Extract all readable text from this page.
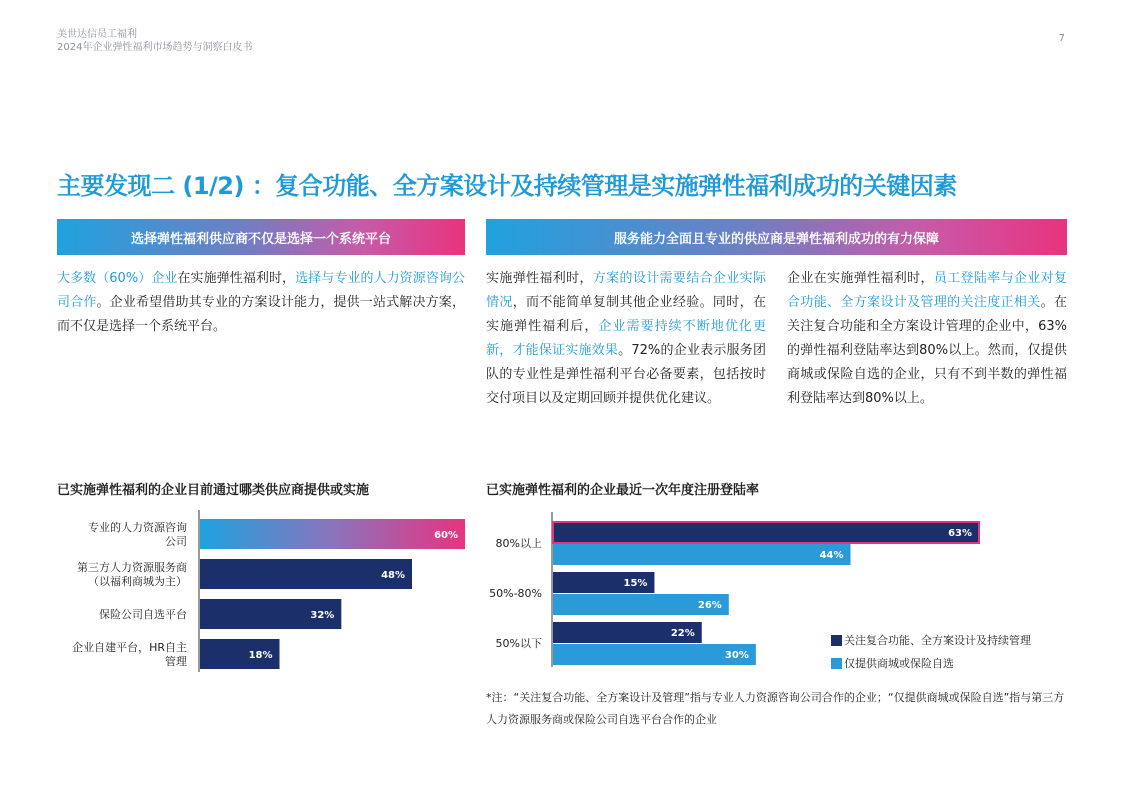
美世达信员工福利
2024年企业弹性福利市场趋势与洞察白皮书
7
主要发现二 (1/2) ：复合功能、全方案设计及持续管理是实施弹性福利成功的关键因素
选择弹性福利供应商不仅是选择一个系统平台	服务能力全面且专业的供应商是弹性福利成功的有力保障
大多数（60%）企业在实施弹性福利时，选择与专业的人力资源咨询公司合作。企业希望借助其专业的方案设计能力，提供一站式解决方案，而不仅是选择一个系统平台。
实施弹性福利时，方案的设计需要结合企业实际情况，而不能简单复制其他企业经验。同时，在实施弹性福利后，企业需要持续不断地优化更新，才能保证实施效果。72%的企业表示服务团队的专业性是弹性福利平台必备要素，包括按时交付项目以及定期回顾并提供优化建议。
企业在实施弹性福利时，员工登陆率与企业对复合功能、全方案设计及管理的关注度正相关。在关注复合功能和全方案设计管理的企业中，63%的弹性福利登陆率达到80%以上。然而，仅提供商城或保险自选的企业，只有不到半数的弹性福利登陆率达到80%以上。
已实施弹性福利的企业目前通过哪类供应商提供或实施	已实施弹性福利的企业最近一次年度注册登陆率
60%
专业的人力资源咨询
公司
48%
第三方人力资源服务商
（以福利商城为主）
32%
保险公司自选平台
18%
企业自建平台，HR自主
管理
63%
44%
80%以上
15%
26%
50%-80%
22%
30%
50%以下	关注复合功能、全方案设计及持续管理
仅提供商城或保险自选
*注：“关注复合功能、全方案设计及管理”指与专业人力资源咨询公司合作的企业；“仅提供商城或保险自选”指与第三方人力资源服务商或保险公司自选平台合作的企业
